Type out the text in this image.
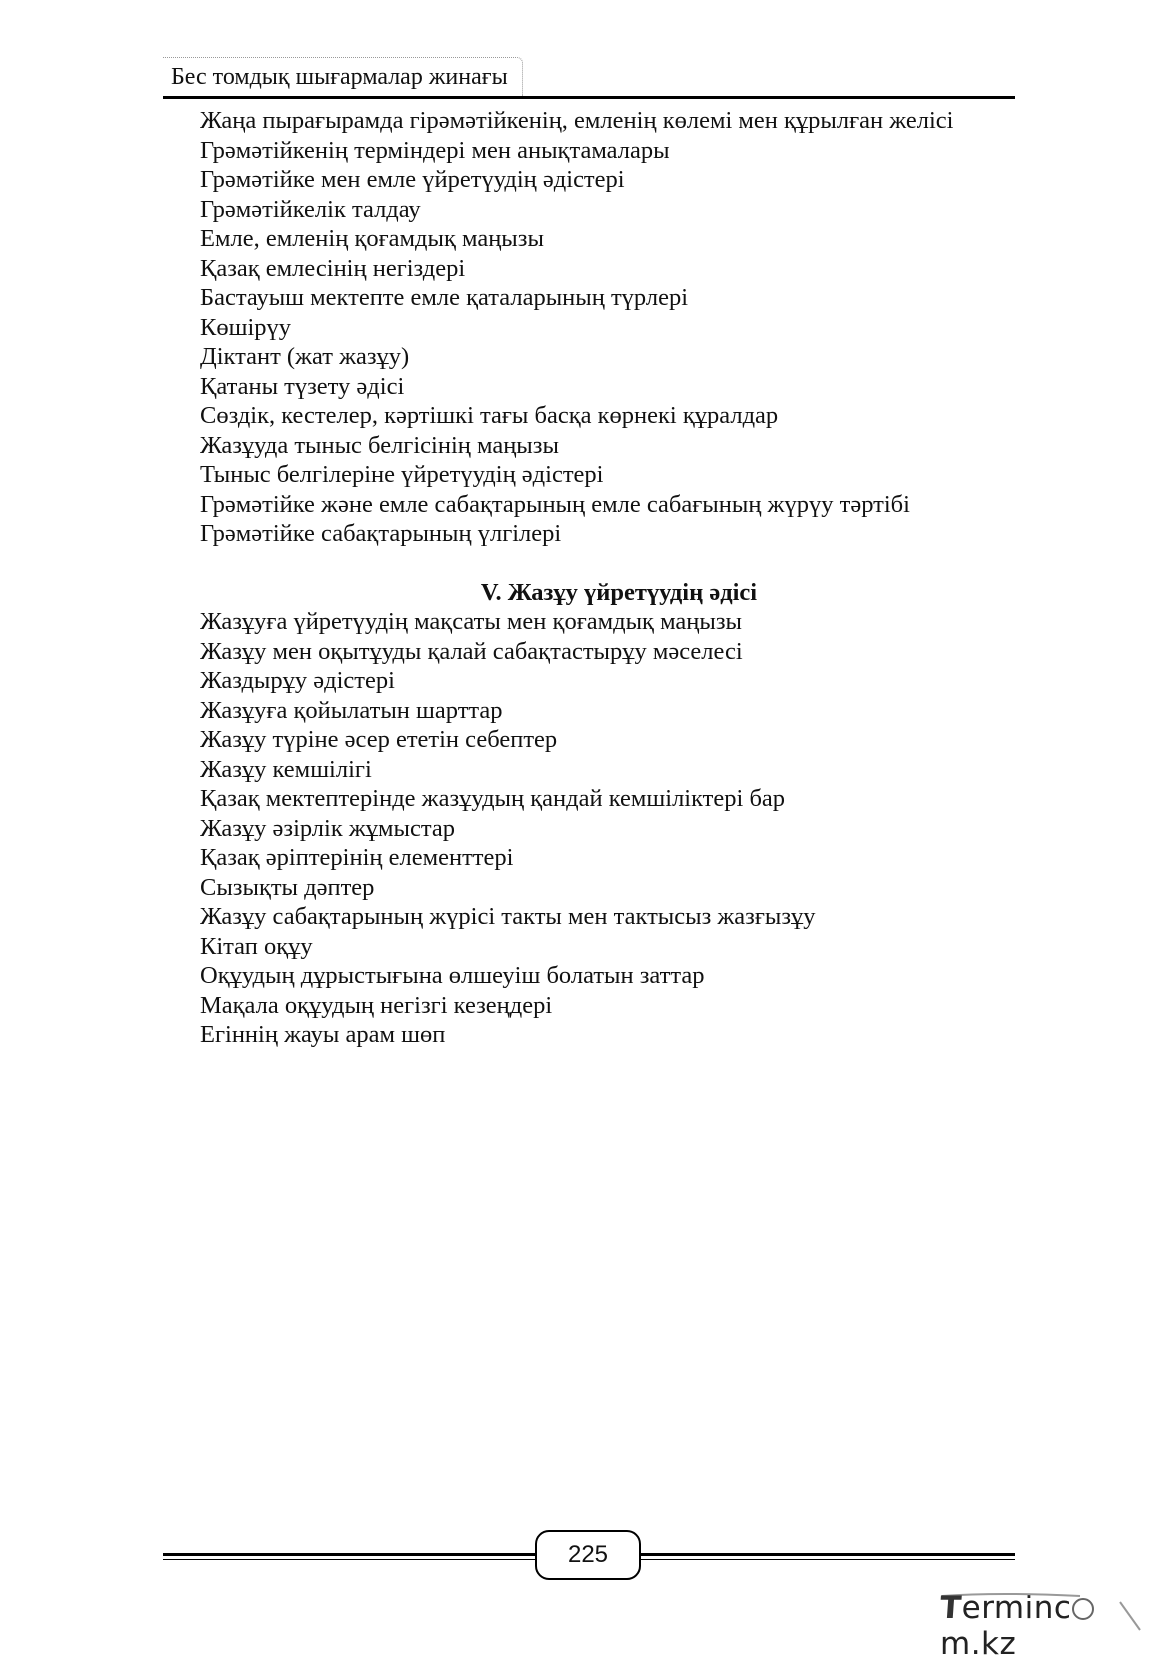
Бес томдық шығармалар жинағы

Жаңа пырағырамда гірәмәтійкенің, емленің көлемі мен құрылған желісі

Грәмәтійкенің терміндері мен анықтамалары

Грәмәтійке мен емле үйретүудің әдістері

Грәмәтійкелік талдау

Емле, емленің қоғамдық маңызы

Қазақ емлесінің негіздері

Бастауыш мектепте емле қаталарының түрлері

Көшірүу

Діктант (жат жазұу)

Қатаны түзету әдісі

Сөздік, кестелер, кәртішкі тағы басқа көрнекі құралдар

Жазұуда тыныс белгісінің маңызы

Тыныс белгілеріне үйретүудің әдістері

Грәмәтійке және емле сабақтарының емле сабағының жүрүу тәртібі

Грәмәтійке сабақтарының үлгілері

V. Жазұу үйретүудің әдісі

Жазұуға үйретүудің мақсаты мен қоғамдық маңызы

Жазұу мен оқытұуды қалай сабақтастырұу мәселесі

Жаздырұу әдістері

Жазұуға қойылатын шарттар

Жазұу түріне әсер ететін себептер

Жазұу кемшілігі

Қазақ мектептерінде жазұудың қандай кемшіліктері бар

Жазұу әзірлік жұмыстар

Қазақ әріптерінің елементтері

Сызықты дәптер

Жазұу сабақтарының жүрісі такты мен тактысыз жазғызұу

Кітап оқұу

Оқұудың дұрыстығына өлшеуіш болатын заттар

Мақала оқұудың негізгі кезеңдері

Егіннің жауы арам шөп

225
Termincm.kz
